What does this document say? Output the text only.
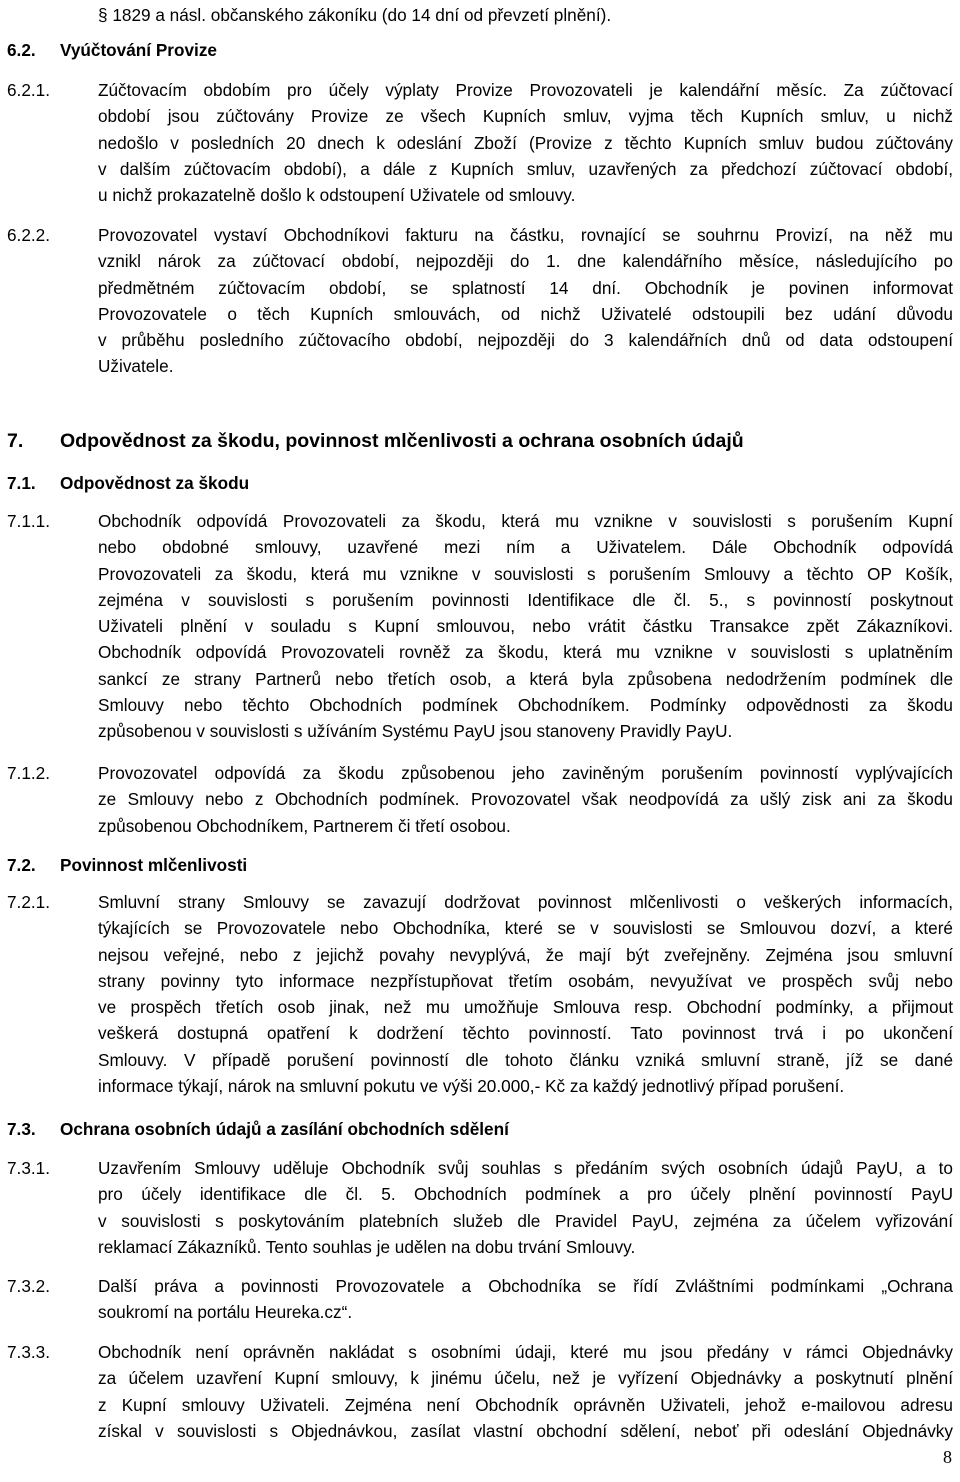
§ 1829 a násl. občanského zákoníku (do 14 dní od převzetí plnění).
6.2. Vyúčtování Provize
6.2.1.	Zúčtovacím obdobím pro účely výplaty Provize Provozovateli je kalendářní měsíc. Za zúčtovací
období jsou zúčtovány Provize ze všech Kupních smluv, vyjma těch Kupních smluv, u nichž
nedošlo v posledních 20 dnech k odeslání Zboží (Provize z těchto Kupních smluv budou zúčtovány
v dalším zúčtovacím období), a dále z Kupních smluv, uzavřených za předchozí zúčtovací období,
u nichž prokazatelně došlo k odstoupení Uživatele od smlouvy.
6.2.2.	Provozovatel vystaví Obchodníkovi fakturu na částku, rovnající se souhrnu Provizí, na něž mu
vznikl nárok za zúčtovací období, nejpozději do 1. dne kalendářního měsíce, následujícího po
předmětném zúčtovacím období, se splatností 14 dní. Obchodník je povinen informovat
Provozovatele o těch Kupních smlouvách, od nichž Uživatelé odstoupili bez udání důvodu
v průběhu posledního zúčtovacího období, nejpozději do 3 kalendářních dnů od data odstoupení
Uživatele.
7. Odpovědnost za škodu, povinnost mlčenlivosti a ochrana osobních údajů
7.1. Odpovědnost za škodu
7.1.1.	Obchodník odpovídá Provozovateli za škodu, která mu vznikne v souvislosti s porušením Kupní
nebo obdobné smlouvy, uzavřené mezi ním a Uživatelem. Dále Obchodník odpovídá
Provozovateli za škodu, která mu vznikne v souvislosti s porušením Smlouvy a těchto OP Košík,
zejména v souvislosti s porušením povinnosti Identifikace dle čl. 5., s povinností poskytnout
Uživateli plnění v souladu s Kupní smlouvou, nebo vrátit částku Transakce zpět Zákazníkovi.
Obchodník odpovídá Provozovateli rovněž za škodu, která mu vznikne v souvislosti s uplatněním
sankcí ze strany Partnerů nebo třetích osob, a která byla způsobena nedodržením podmínek dle
Smlouvy nebo těchto Obchodních podmínek Obchodníkem. Podmínky odpovědnosti za škodu
způsobenou v souvislosti s užíváním Systému PayU jsou stanoveny Pravidly PayU.
7.1.2.	Provozovatel odpovídá za škodu způsobenou jeho zaviněným porušením povinností vyplývajících
ze Smlouvy nebo z Obchodních podmínek. Provozovatel však neodpovídá za ušlý zisk ani za škodu
způsobenou Obchodníkem, Partnerem či třetí osobou.
7.2. Povinnost mlčenlivosti
7.2.1.	Smluvní strany Smlouvy se zavazují dodržovat povinnost mlčenlivosti o veškerých informacích,
týkajících se Provozovatele nebo Obchodníka, které se v souvislosti se Smlouvou dozví, a které
nejsou veřejné, nebo z jejichž povahy nevyplývá, že mají být zveřejněny. Zejména jsou smluvní
strany povinny tyto informace nezpřístupňovat třetím osobám, nevyužívat ve prospěch svůj nebo
ve prospěch třetích osob jinak, než mu umožňuje Smlouva resp. Obchodní podmínky, a přijmout
veškerá dostupná opatření k dodržení těchto povinností. Tato povinnost trvá i po ukončení
Smlouvy. V případě porušení povinností dle tohoto článku vzniká smluvní straně, jíž se dané
informace týkají, nárok na smluvní pokutu ve výši 20.000,- Kč za každý jednotlivý případ porušení.
7.3. Ochrana osobních údajů a zasílání obchodních sdělení
7.3.1.	Uzavřením Smlouvy uděluje Obchodník svůj souhlas s předáním svých osobních údajů PayU, a to
pro účely identifikace dle čl. 5. Obchodních podmínek a pro účely plnění povinností PayU
v souvislosti s poskytováním platebních služeb dle Pravidel PayU, zejména za účelem vyřizování
reklamací Zákazníků. Tento souhlas je udělen na dobu trvání Smlouvy.
7.3.2.	Další práva a povinnosti Provozovatele a Obchodníka se řídí Zvláštními podmínkami „Ochrana
soukromí na portálu Heureka.cz“.
7.3.3.	Obchodník není oprávněn nakládat s osobními údaji, které mu jsou předány v rámci Objednávky
za účelem uzavření Kupní smlouvy, k jinému účelu, než je vyřízení Objednávky a poskytnutí plnění
z Kupní smlouvy Uživateli. Zejména není Obchodník oprávněn Uživateli, jehož e-mailovou adresu
získal v souvislosti s Objednávkou, zasílat vlastní obchodní sdělení, neboť při odeslání Objednávky
8
